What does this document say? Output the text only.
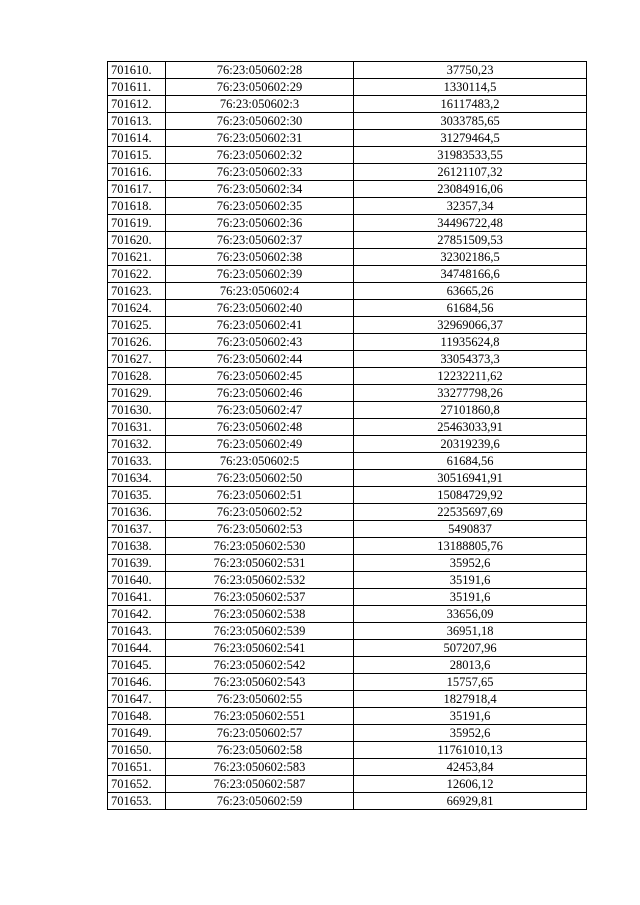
701610.	76:23:050602:28	37750,23
701611.	76:23:050602:29	1330114,5
701612.	76:23:050602:3	16117483,2
701613.	76:23:050602:30	3033785,65
701614.	76:23:050602:31	31279464,5
701615.	76:23:050602:32	31983533,55
701616.	76:23:050602:33	26121107,32
701617.	76:23:050602:34	23084916,06
701618.	76:23:050602:35	32357,34
701619.	76:23:050602:36	34496722,48
701620.	76:23:050602:37	27851509,53
701621.	76:23:050602:38	32302186,5
701622.	76:23:050602:39	34748166,6
701623.	76:23:050602:4	63665,26
701624.	76:23:050602:40	61684,56
701625.	76:23:050602:41	32969066,37
701626.	76:23:050602:43	11935624,8
701627.	76:23:050602:44	33054373,3
701628.	76:23:050602:45	12232211,62
701629.	76:23:050602:46	33277798,26
701630.	76:23:050602:47	27101860,8
701631.	76:23:050602:48	25463033,91
701632.	76:23:050602:49	20319239,6
701633.	76:23:050602:5	61684,56
701634.	76:23:050602:50	30516941,91
701635.	76:23:050602:51	15084729,92
701636.	76:23:050602:52	22535697,69
701637.	76:23:050602:53	5490837
701638.	76:23:050602:530	13188805,76
701639.	76:23:050602:531	35952,6
701640.	76:23:050602:532	35191,6
701641.	76:23:050602:537	35191,6
701642.	76:23:050602:538	33656,09
701643.	76:23:050602:539	36951,18
701644.	76:23:050602:541	507207,96
701645.	76:23:050602:542	28013,6
701646.	76:23:050602:543	15757,65
701647.	76:23:050602:55	1827918,4
701648.	76:23:050602:551	35191,6
701649.	76:23:050602:57	35952,6
701650.	76:23:050602:58	11761010,13
701651.	76:23:050602:583	42453,84
701652.	76:23:050602:587	12606,12
701653.	76:23:050602:59	66929,81
